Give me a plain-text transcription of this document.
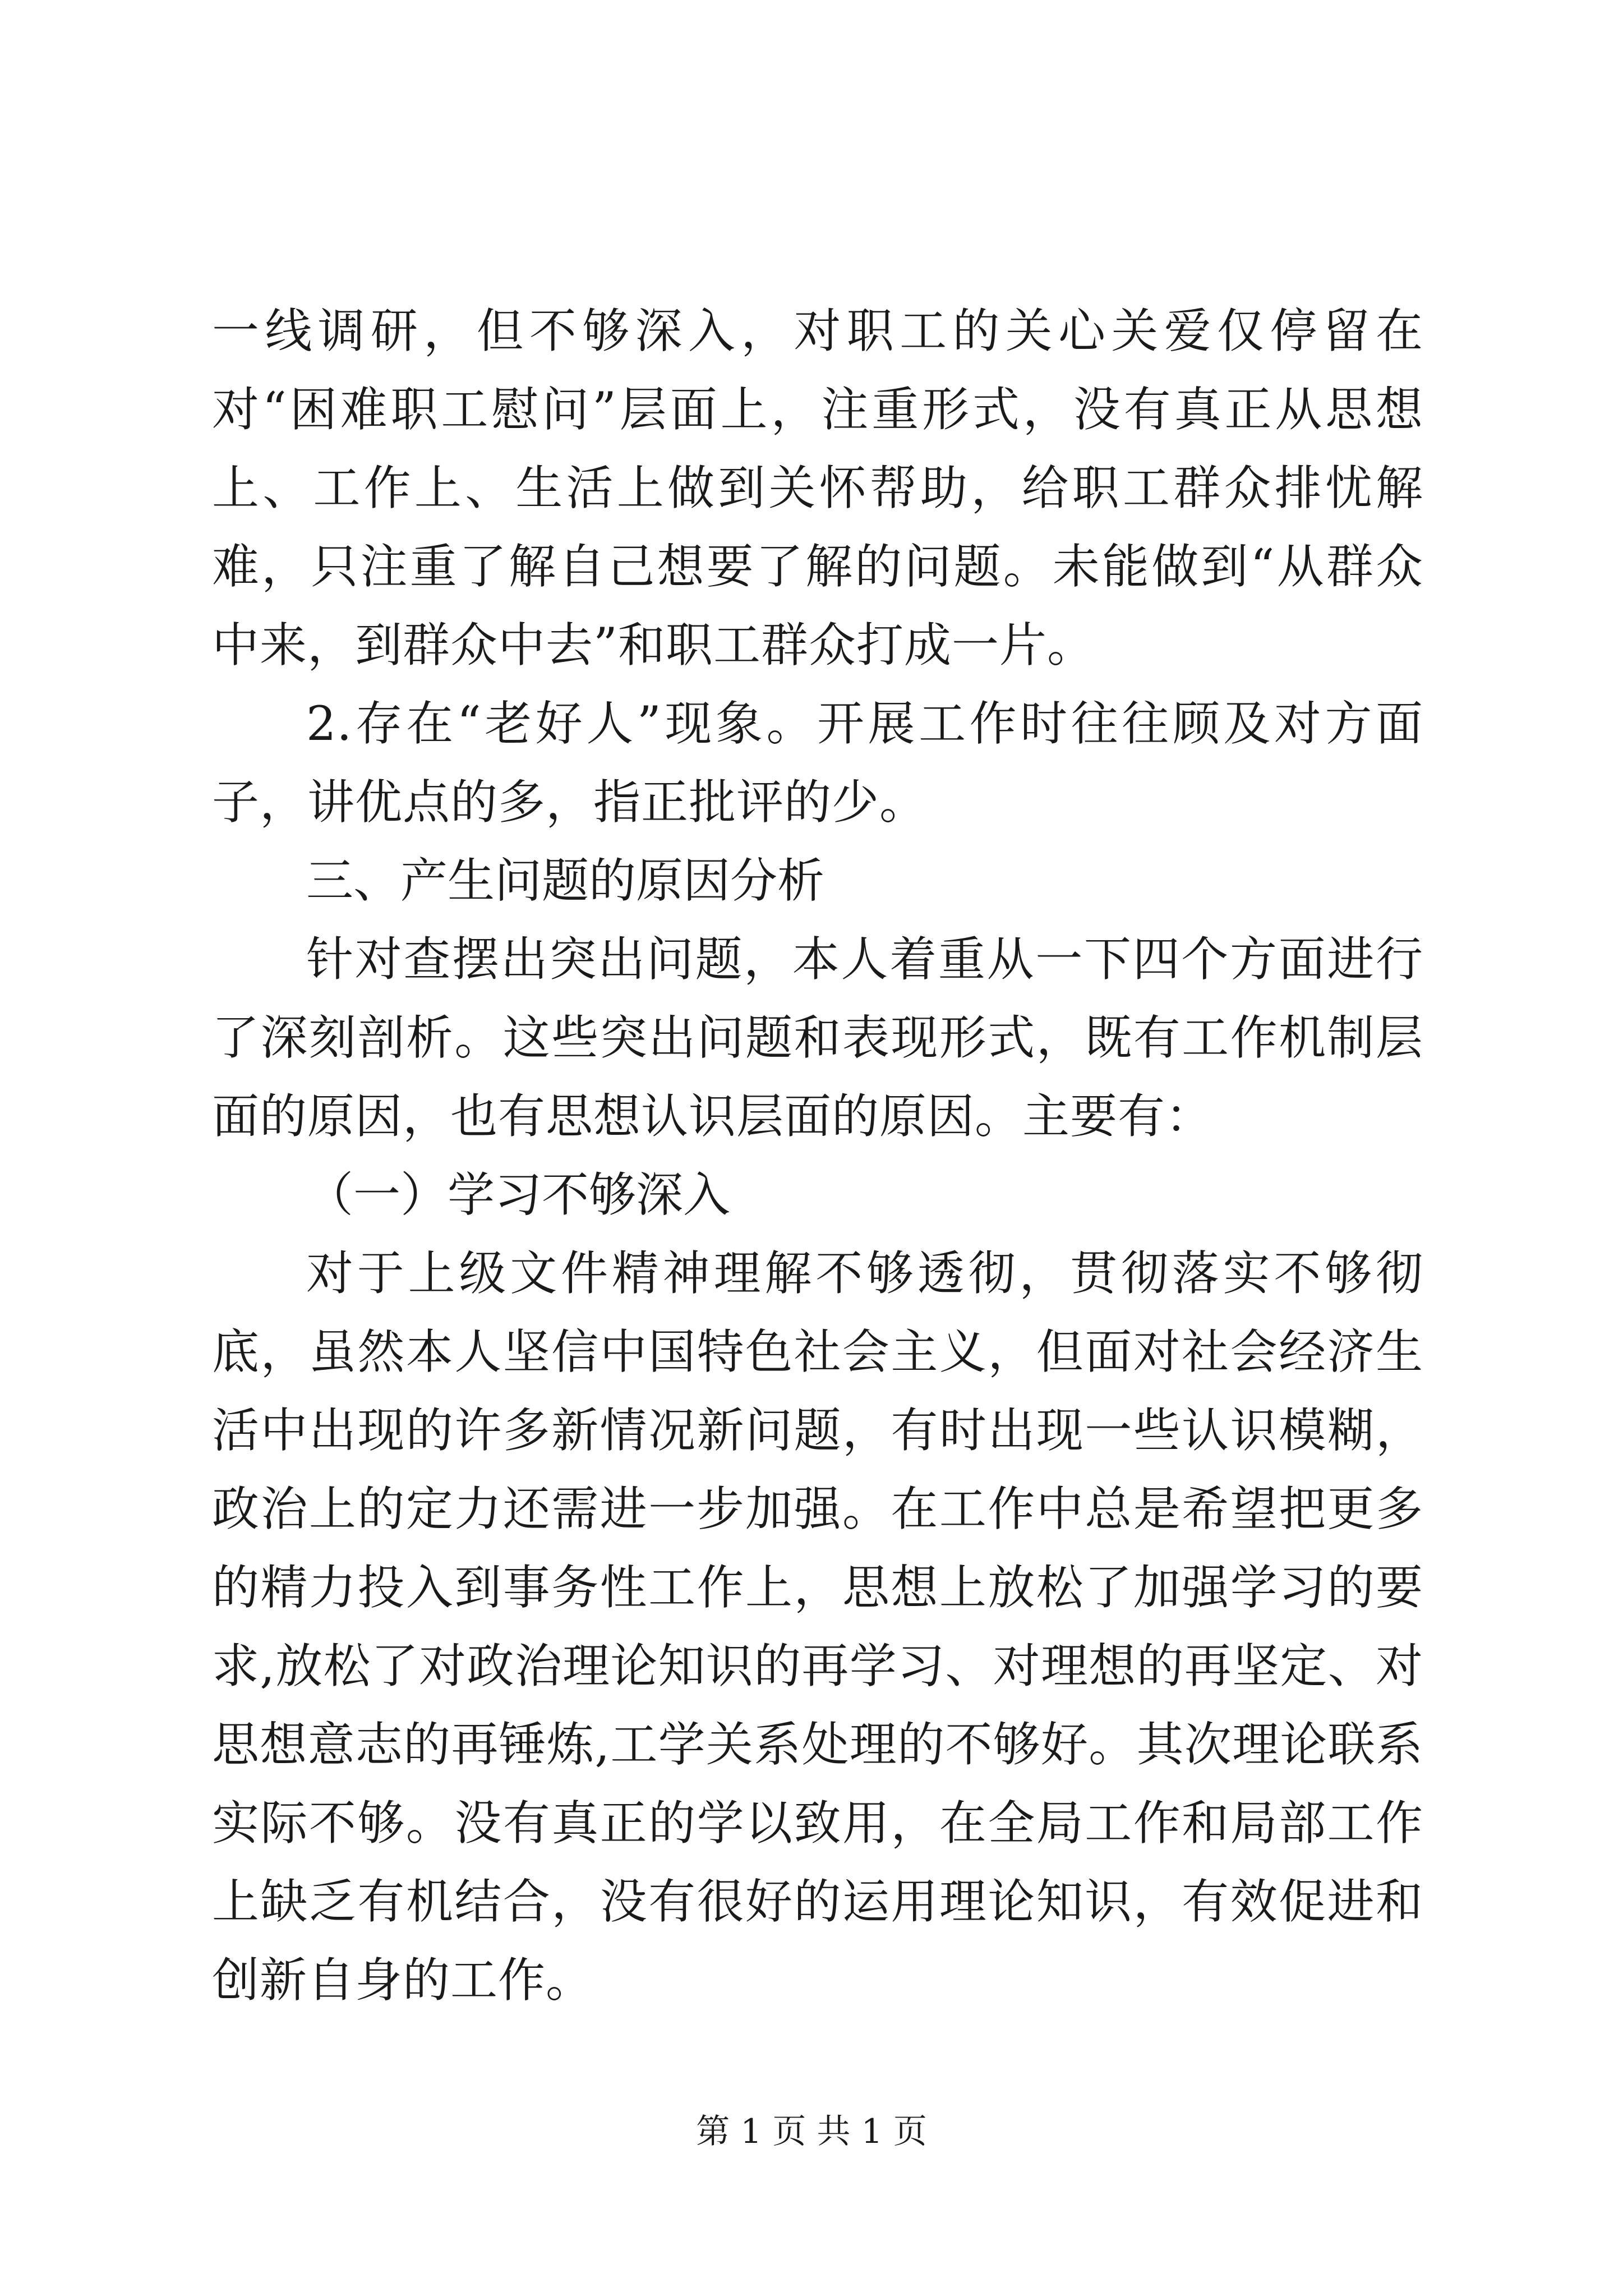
一线调研，但不够深入，对职工的关心关爱仅停留在对“困难职工慰问”层面上，注重形式，没有真正从思想上、工作上、生活上做到关怀帮助，给职工群众排忧解难，只注重了解自己想要了解的问题。未能做到“从群众中来，到群众中去”和职工群众打成一片。

2.存在“老好人”现象。开展工作时往往顾及对方面子，讲优点的多，指正批评的少。

三、产生问题的原因分析

针对查摆出突出问题，本人着重从一下四个方面进行了深刻剖析。这些突出问题和表现形式，既有工作机制层面的原因，也有思想认识层面的原因。主要有：

（一）学习不够深入

对于上级文件精神理解不够透彻，贯彻落实不够彻底，虽然本人坚信中国特色社会主义，但面对社会经济生活中出现的许多新情况新问题，有时出现一些认识模糊，政治上的定力还需进一步加强。在工作中总是希望把更多的精力投入到事务性工作上，思想上放松了加强学习的要求,放松了对政治理论知识的再学习、对理想的再坚定、对思想意志的再锤炼,工学关系处理的不够好。其次理论联系实际不够。没有真正的学以致用，在全局工作和局部工作上缺乏有机结合，没有很好的运用理论知识，有效促进和创新自身的工作。

第 1 页 共 1 页
